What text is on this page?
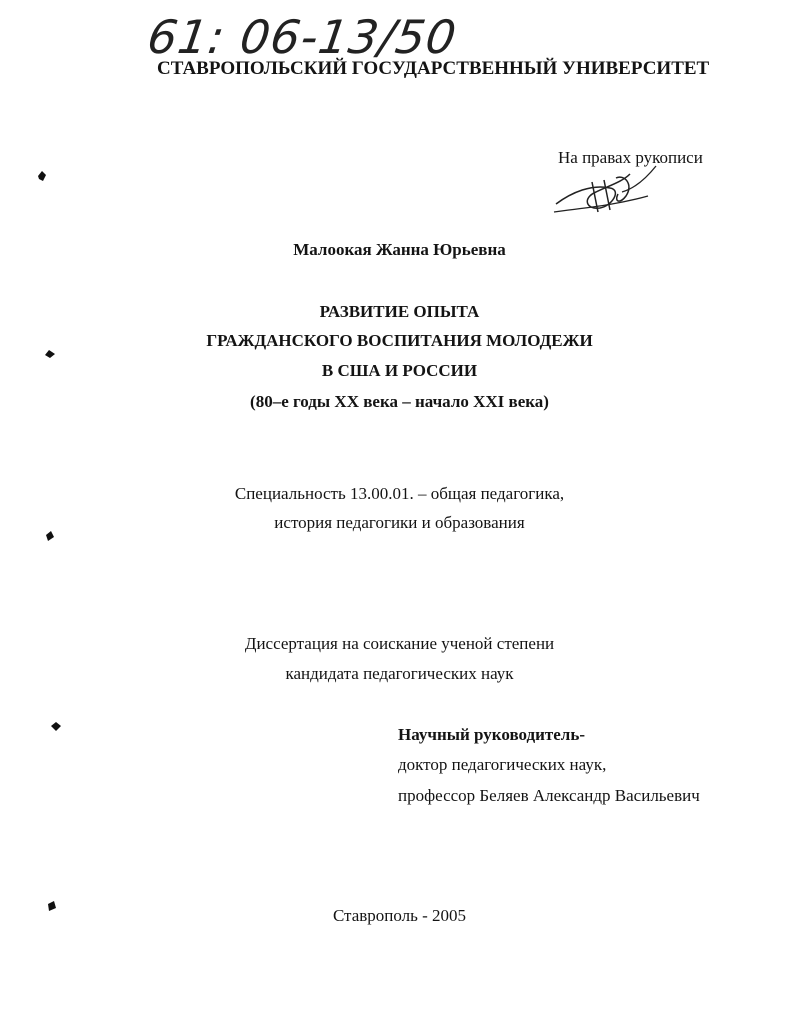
61: 06-13/50
СТАВРОПОЛЬСКИЙ ГОСУДАРСТВЕННЫЙ УНИВЕРСИТЕТ
На правах рукописи
Малоокая Жанна Юрьевна
РАЗВИТИЕ ОПЫТА
ГРАЖДАНСКОГО ВОСПИТАНИЯ МОЛОДЕЖИ
В США И РОССИИ
(80–е годы XX века – начало XXI века)
Специальность 13.00.01. – общая педагогика,
история педагогики и образования
Диссертация на соискание ученой степени
кандидата педагогических наук
Научный руководитель-
доктор педагогических наук,
профессор Беляев Александр Васильевич
Ставрополь - 2005
